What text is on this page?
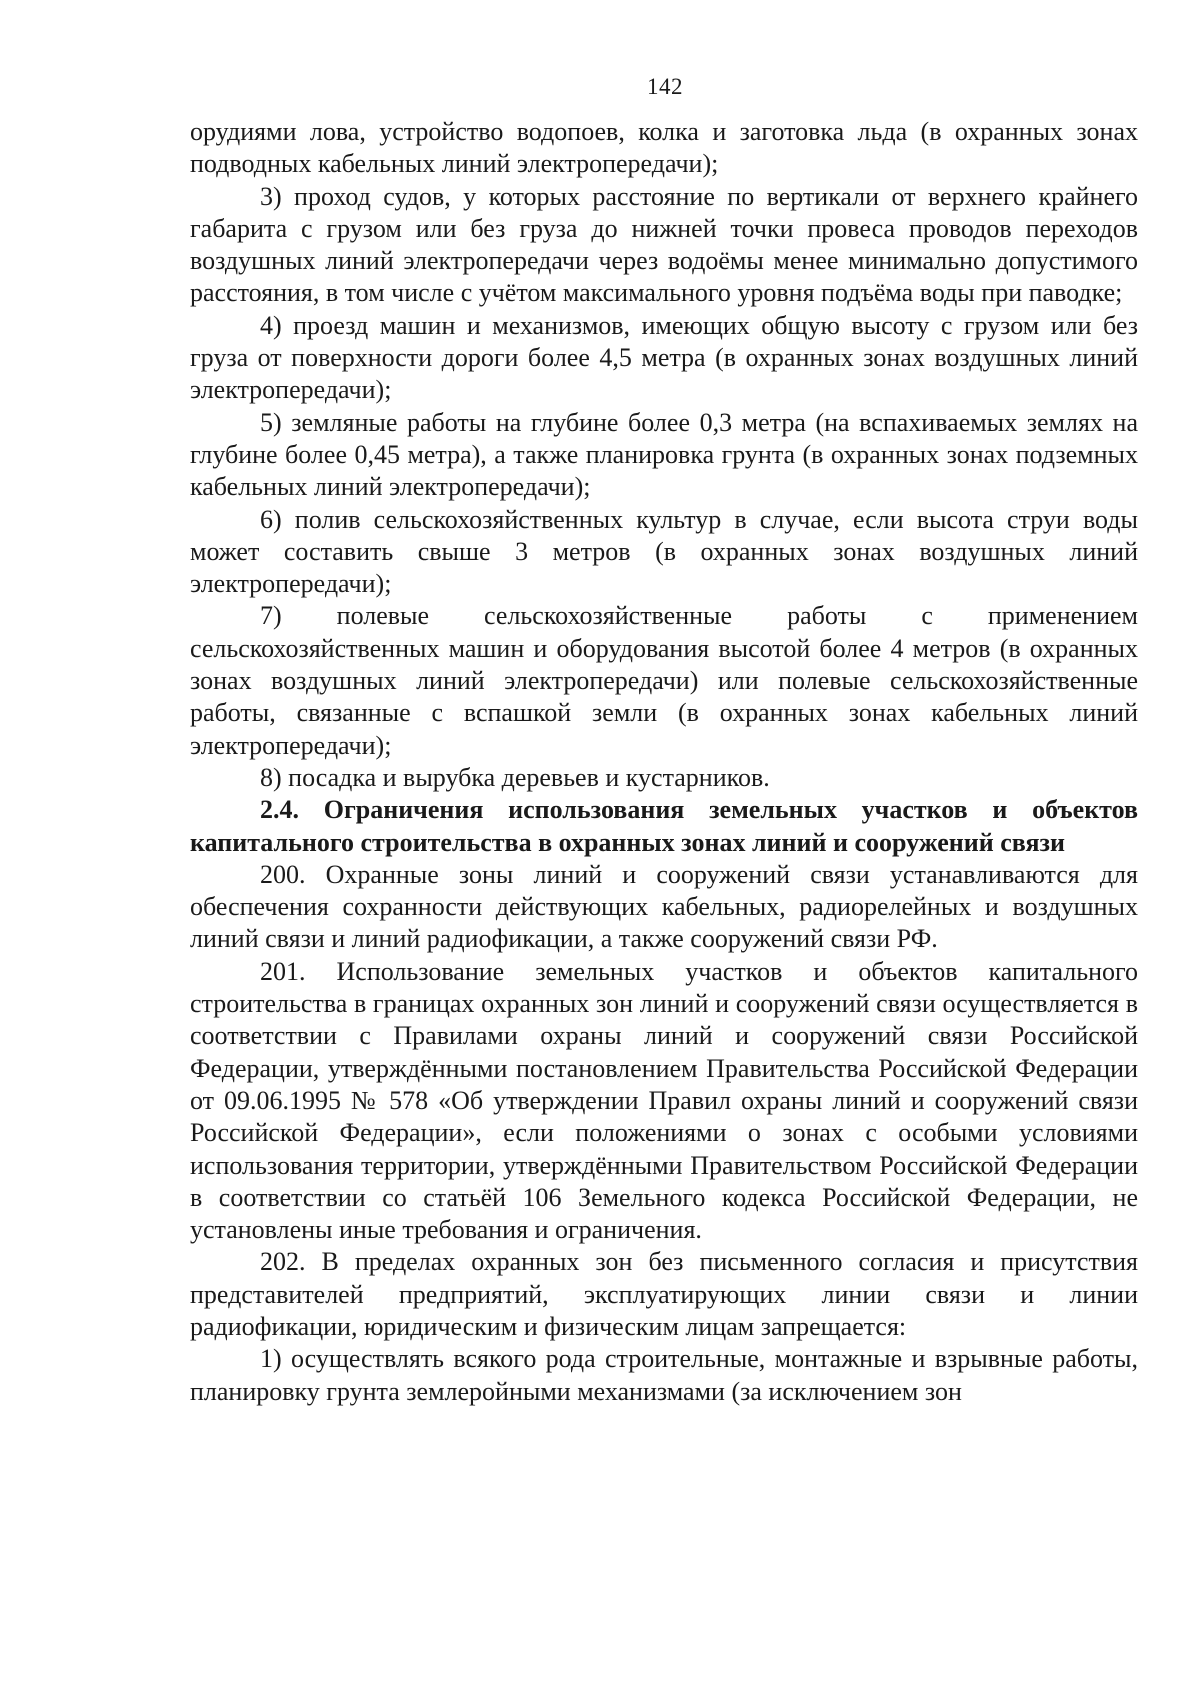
142

орудиями лова, устройство водопоев, колка и заготовка льда (в охранных зонах подводных кабельных линий электропередачи);

3) проход судов, у которых расстояние по вертикали от верхнего крайнего габарита с грузом или без груза до нижней точки провеса проводов переходов воздушных линий электропередачи через водоёмы менее минимально допустимого расстояния, в том числе с учётом максимального уровня подъёма воды при паводке;

4) проезд машин и механизмов, имеющих общую высоту с грузом или без груза от поверхности дороги более 4,5 метра (в охранных зонах воздушных линий электропередачи);

5) земляные работы на глубине более 0,3 метра (на вспахиваемых землях на глубине более 0,45 метра), а также планировка грунта (в охранных зонах подземных кабельных линий электропередачи);

6) полив сельскохозяйственных культур в случае, если высота струи воды может составить свыше 3 метров (в охранных зонах воздушных линий электропередачи);

7) полевые сельскохозяйственные работы с применением сельскохозяйственных машин и оборудования высотой более 4 метров (в охранных зонах воздушных линий электропередачи) или полевые сельскохозяйственные работы, связанные с вспашкой земли (в охранных зонах кабельных линий электропередачи);

8) посадка и вырубка деревьев и кустарников.

2.4. Ограничения использования земельных участков и объектов капитального строительства в охранных зонах линий и сооружений связи

200. Охранные зоны линий и сооружений связи устанавливаются для обеспечения сохранности действующих кабельных, радиорелейных и воздушных линий связи и линий радиофикации, а также сооружений связи РФ.

201. Использование земельных участков и объектов капитального строительства в границах охранных зон линий и сооружений связи осуществляется в соответствии с Правилами охраны линий и сооружений связи Российской Федерации, утверждёнными постановлением Правительства Российской Федерации от 09.06.1995 № 578 «Об утверждении Правил охраны линий и сооружений связи Российской Федерации», если положениями о зонах с особыми условиями использования территории, утверждёнными Правительством Российской Федерации в соответствии со статьёй 106 Земельного кодекса Российской Федерации, не установлены иные требования и ограничения.

202. В пределах охранных зон без письменного согласия и присутствия представителей предприятий, эксплуатирующих линии связи и линии радиофикации, юридическим и физическим лицам запрещается:

1) осуществлять всякого рода строительные, монтажные и взрывные работы, планировку грунта землеройными механизмами (за исключением зон
